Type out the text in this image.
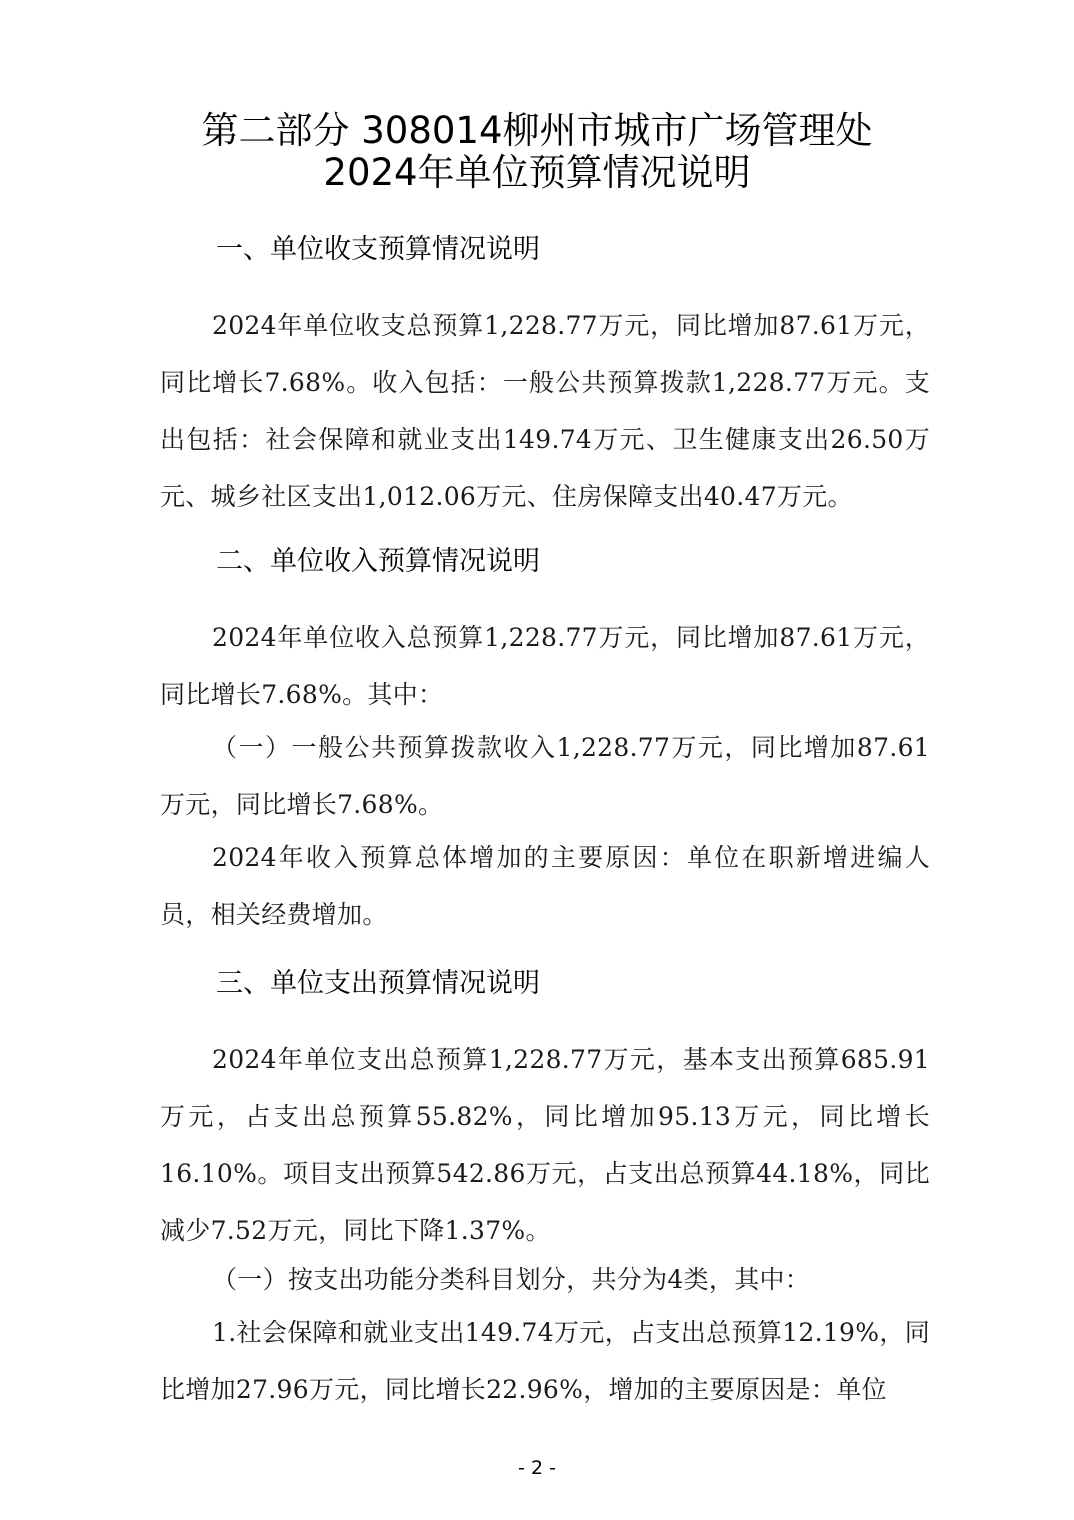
第二部分 308014柳州市城市广场管理处
2024年单位预算情况说明
一、单位收支预算情况说明

2024年单位收支总预算1,228.77万元，同比增加87.61万元，同比增长7.68%。收入包括：一般公共预算拨款1,228.77万元。支出包括：社会保障和就业支出149.74万元、卫生健康支出26.50万元、城乡社区支出1,012.06万元、住房保障支出40.47万元。

二、单位收入预算情况说明

2024年单位收入总预算1,228.77万元，同比增加87.61万元，同比增长7.68%。其中：

（一）一般公共预算拨款收入1,228.77万元，同比增加87.61万元，同比增长7.68%。

2024年收入预算总体增加的主要原因：单位在职新增进编人员，相关经费增加。

三、单位支出预算情况说明

2024年单位支出总预算1,228.77万元，基本支出预算685.91万元，占支出总预算55.82%，同比增加95.13万元，同比增长16.10%。项目支出预算542.86万元，占支出总预算44.18%，同比减少7.52万元，同比下降1.37%。

（一）按支出功能分类科目划分，共分为4类，其中：

1.社会保障和就业支出149.74万元，占支出总预算12.19%，同比增加27.96万元，同比增长22.96%，增加的主要原因是：单位

- 2 -
